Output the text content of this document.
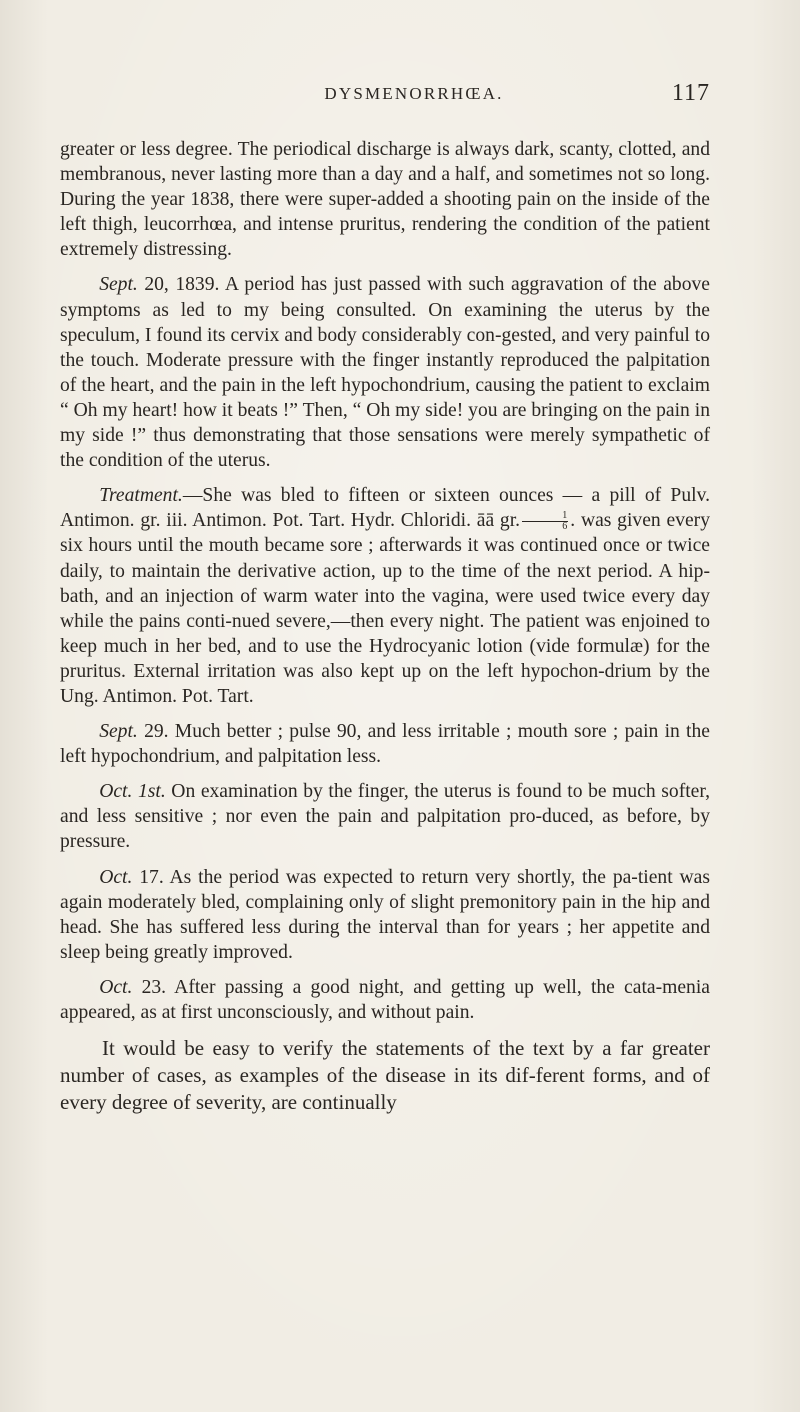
DYSMENORRHŒA.	117

greater or less degree. The periodical discharge is always dark, scanty, clotted, and membranous, never lasting more than a day and a half, and sometimes not so long. During the year 1838, there were super-added a shooting pain on the inside of the left thigh, leucorrhœa, and intense pruritus, rendering the condition of the patient extremely distressing.

Sept. 20, 1839. A period has just passed with such aggravation of the above symptoms as led to my being consulted. On examining the uterus by the speculum, I found its cervix and body considerably con-gested, and very painful to the touch. Moderate pressure with the finger instantly reproduced the palpitation of the heart, and the pain in the left hypochondrium, causing the patient to exclaim “ Oh my heart! how it beats !” Then, “ Oh my side! you are bringing on the pain in my side !” thus demonstrating that those sensations were merely sympathetic of the condition of the uterus.

Treatment.—She was bled to fifteen or sixteen ounces — a pill of Pulv. Antimon. gr. iii. Antimon. Pot. Tart. Hydr. Chloridi. āā gr. $\frac{1}{6}$ . was given every six hours until the mouth became sore ; afterwards it was continued once or twice daily, to maintain the derivative action, up to the time of the next period. A hip-bath, and an injection of warm water into the vagina, were used twice every day while the pains conti-nued severe,—then every night. The patient was enjoined to keep much in her bed, and to use the Hydrocyanic lotion (vide formulæ) for the pruritus. External irritation was also kept up on the left hypochon-drium by the Ung. Antimon. Pot. Tart.

Sept. 29. Much better ; pulse 90, and less irritable ; mouth sore ; pain in the left hypochondrium, and palpitation less.

Oct. 1st. On examination by the finger, the uterus is found to be much softer, and less sensitive ; nor even the pain and palpitation pro-duced, as before, by pressure.

Oct. 17. As the period was expected to return very shortly, the pa-tient was again moderately bled, complaining only of slight premonitory pain in the hip and head. She has suffered less during the interval than for years ; her appetite and sleep being greatly improved.

Oct. 23. After passing a good night, and getting up well, the cata-menia appeared, as at first unconsciously, and without pain.

It would be easy to verify the statements of the text by a far greater number of cases, as examples of the disease in its dif-ferent forms, and of every degree of severity, are continually
